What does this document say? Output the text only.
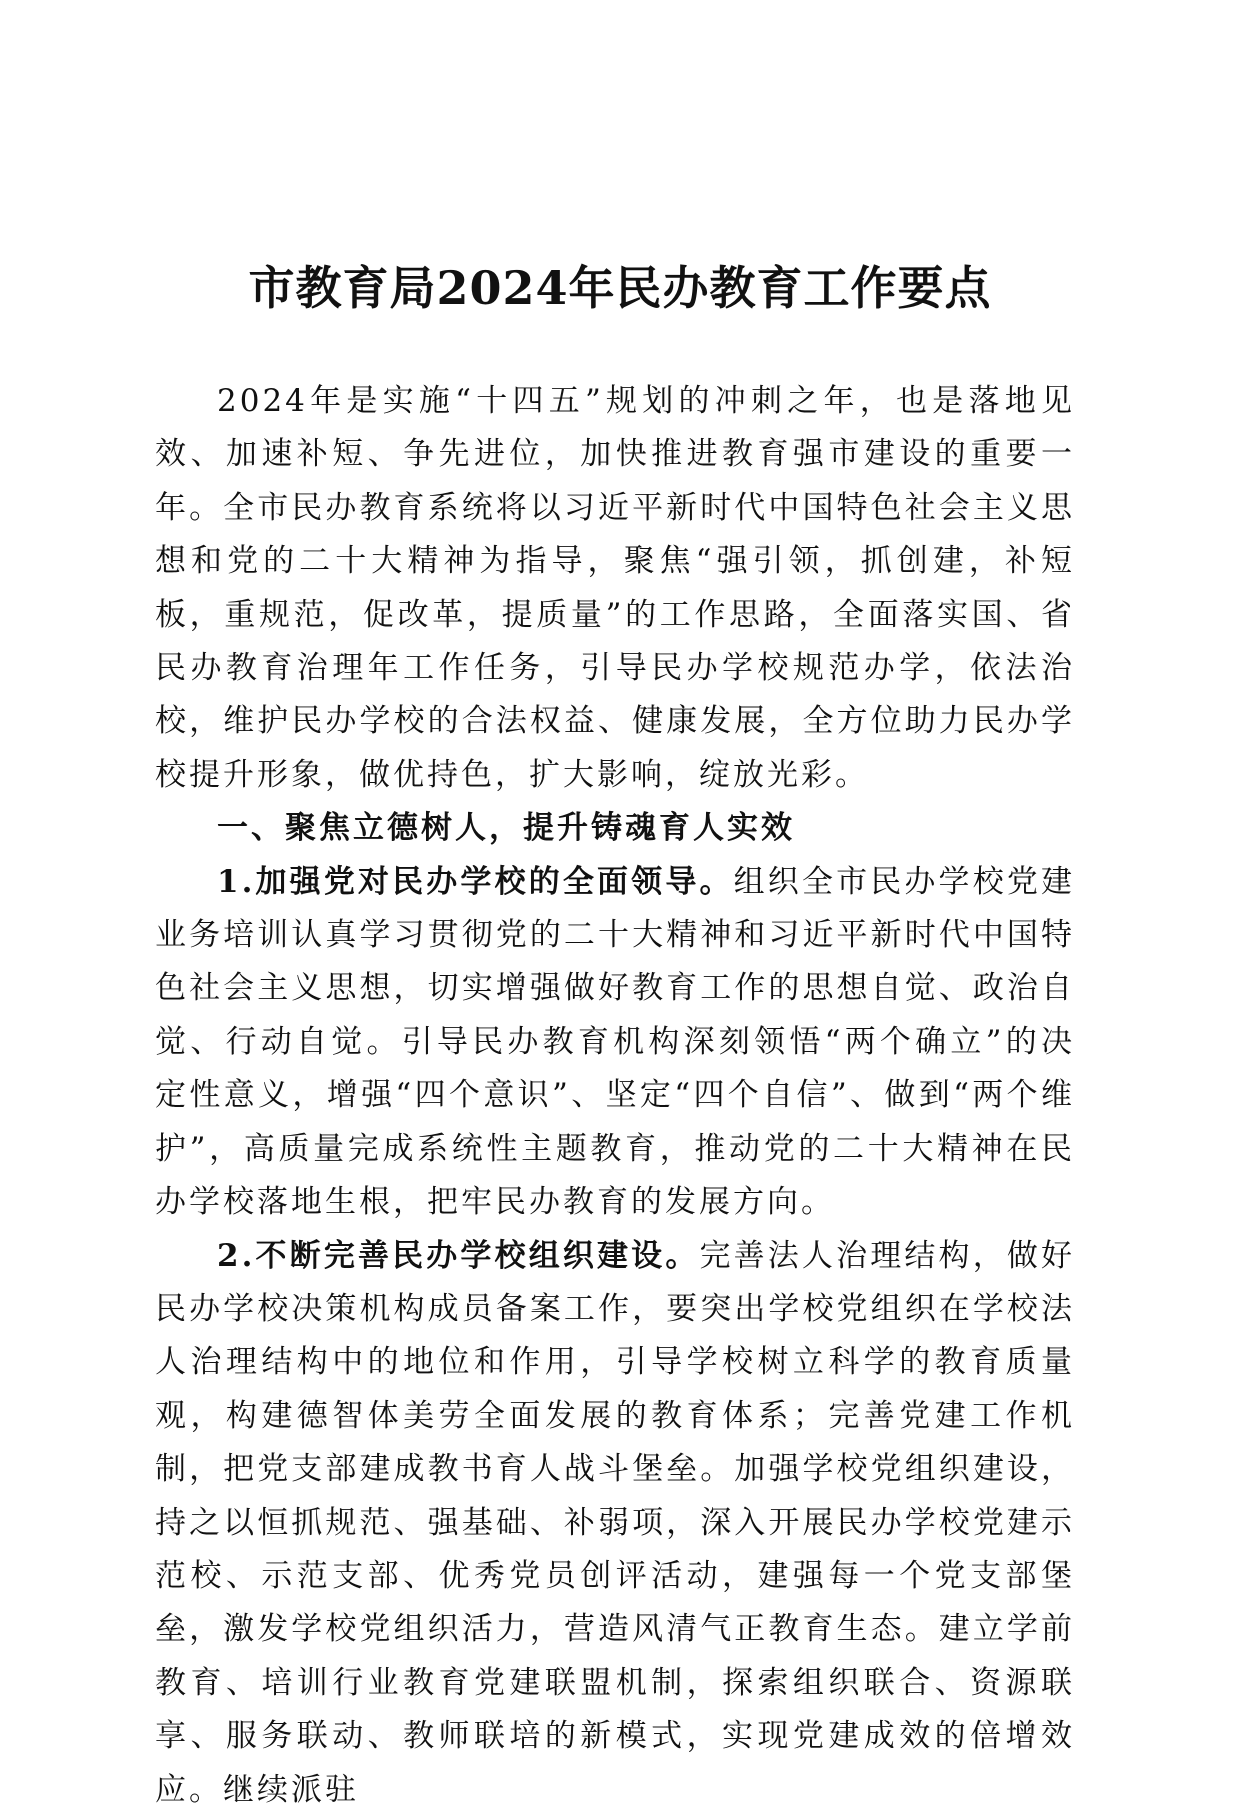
市教育局2024年民办教育工作要点

2024年是实施“十四五”规划的冲刺之年，也是落地见效、加速补短、争先进位，加快推进教育强市建设的重要一年。全市民办教育系统将以习近平新时代中国特色社会主义思想和党的二十大精神为指导，聚焦“强引领，抓创建，补短板，重规范，促改革，提质量”的工作思路，全面落实国、省民办教育治理年工作任务，引导民办学校规范办学，依法治校，维护民办学校的合法权益、健康发展，全方位助力民办学校提升形象，做优持色，扩大影响，绽放光彩。

一、聚焦立德树人，提升铸魂育人实效

1.加强党对民办学校的全面领导。组织全市民办学校党建业务培训认真学习贯彻党的二十大精神和习近平新时代中国特色社会主义思想，切实增强做好教育工作的思想自觉、政治自觉、行动自觉。引导民办教育机构深刻领悟“两个确立”的决定性意义，增强“四个意识”、坚定“四个自信”、做到“两个维护”，高质量完成系统性主题教育，推动党的二十大精神在民办学校落地生根，把牢民办教育的发展方向。

2.不断完善民办学校组织建设。完善法人治理结构，做好民办学校决策机构成员备案工作，要突出学校党组织在学校法人治理结构中的地位和作用，引导学校树立科学的教育质量观，构建德智体美劳全面发展的教育体系；完善党建工作机制，把党支部建成教书育人战斗堡垒。加强学校党组织建设，持之以恒抓规范、强基础、补弱项，深入开展民办学校党建示范校、示范支部、优秀党员创评活动，建强每一个党支部堡垒，激发学校党组织活力，营造风清气正教育生态。建立学前教育、培训行业教育党建联盟机制，探索组织联合、资源联享、服务联动、教师联培的新模式，实现党建成效的倍增效应。继续派驻
